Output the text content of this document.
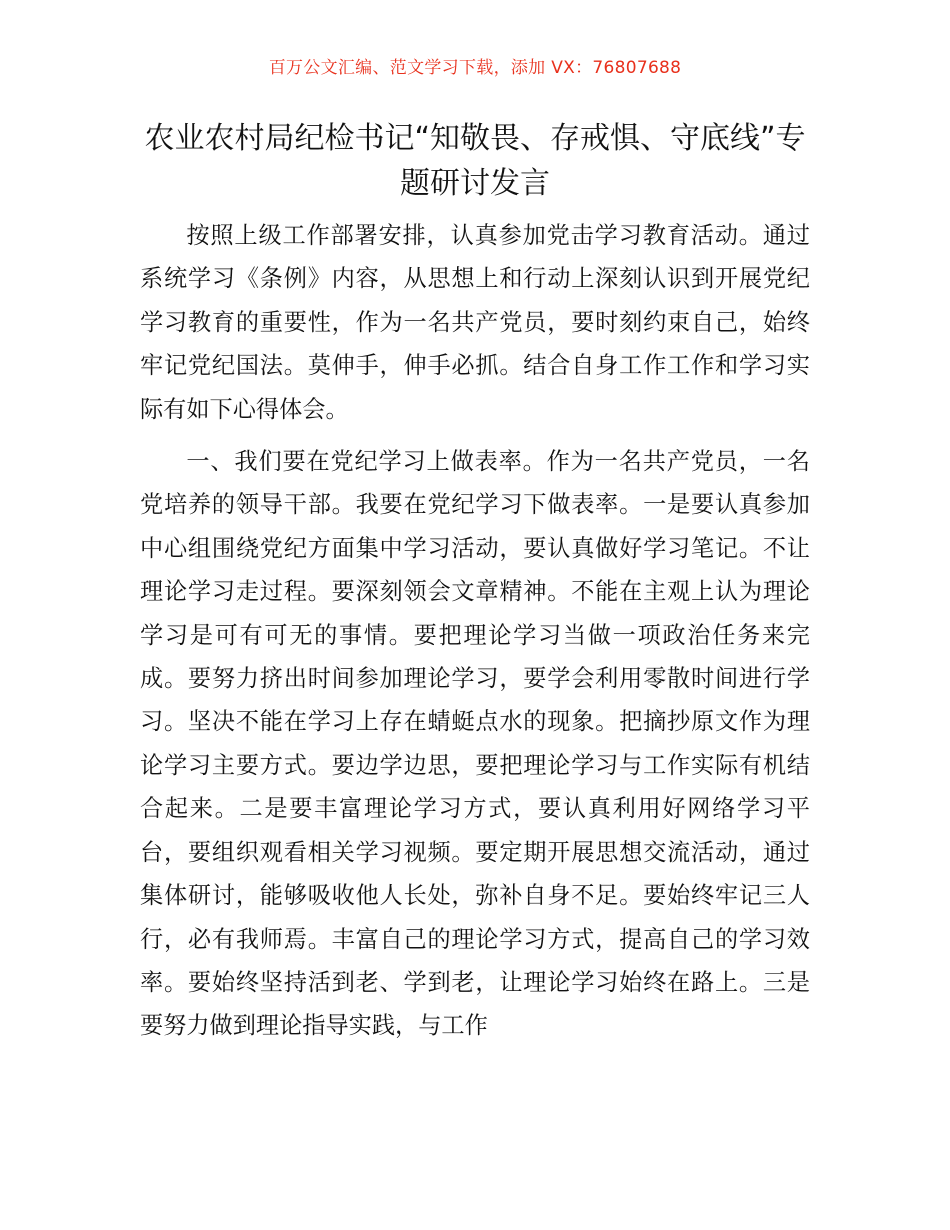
百万公文汇编、范文学习下载，添加 VX：76807688
农业农村局纪检书记“知敬畏、存戒惧、守底线”专题研讨发言

按照上级工作部署安排，认真参加党击学习教育活动。通过系统学习《条例》内容，从思想上和行动上深刻认识到开展党纪学习教育的重要性，作为一名共产党员，要时刻约束自己，始终牢记党纪国法。莫伸手，伸手必抓。结合自身工作工作和学习实际有如下心得体会。

一、我们要在党纪学习上做表率。作为一名共产党员，一名党培养的领导干部。我要在党纪学习下做表率。一是要认真参加中心组围绕党纪方面集中学习活动，要认真做好学习笔记。不让理论学习走过程。要深刻领会文章精神。不能在主观上认为理论学习是可有可无的事情。要把理论学习当做一项政治任务来完成。要努力挤出时间参加理论学习，要学会利用零散时间进行学习。坚决不能在学习上存在蜻蜓点水的现象。把摘抄原文作为理论学习主要方式。要边学边思，要把理论学习与工作实际有机结合起来。二是要丰富理论学习方式，要认真利用好网络学习平台，要组织观看相关学习视频。要定期开展思想交流活动，通过集体研讨，能够吸收他人长处，弥补自身不足。要始终牢记三人行，必有我师焉。丰富自己的理论学习方式，提高自己的学习效率。要始终坚持活到老、学到老，让理论学习始终在路上。三是要努力做到理论指导实践，与工作
